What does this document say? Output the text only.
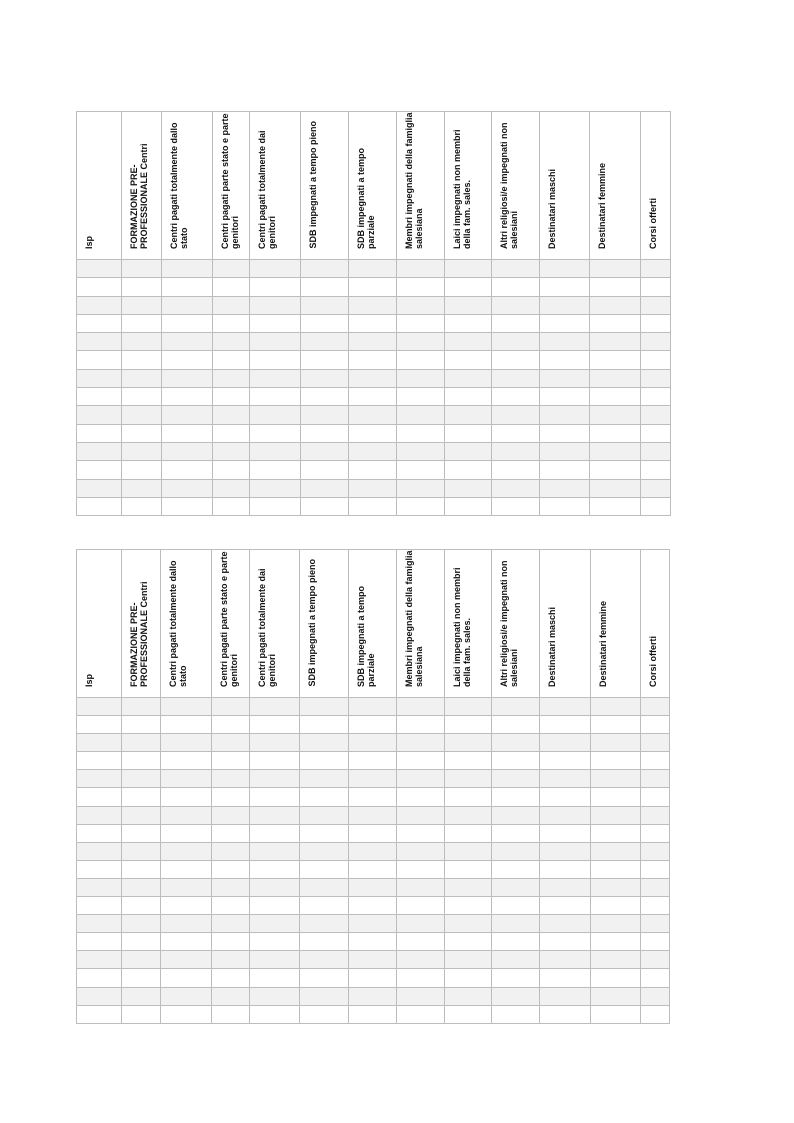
Isp	FORMAZIONE PRE-PROFESSIONALE Centri	Centri pagati totalmente dallo stato	Centri pagati parte stato e parte genitori	Centri pagati totalmente dai genitori	SDB impegnati a tempo pieno	SDB impegnati a tempo parziale	Membri impegnati della famiglia salesiana	Laici impegnati non membri della fam. sales.	Altri religiosi/e impegnati non salesiani	Destinatari maschi	Destinatari femmine	Corsi offerti

Isp	FORMAZIONE PRE-PROFESSIONALE Centri	Centri pagati totalmente dallo stato	Centri pagati parte stato e parte genitori	Centri pagati totalmente dai genitori	SDB impegnati a tempo pieno	SDB impegnati a tempo parziale	Membri impegnati della famiglia salesiana	Laici impegnati non membri della fam. sales.	Altri religiosi/e impegnati non salesiani	Destinatari maschi	Destinatari femmine	Corsi offerti
